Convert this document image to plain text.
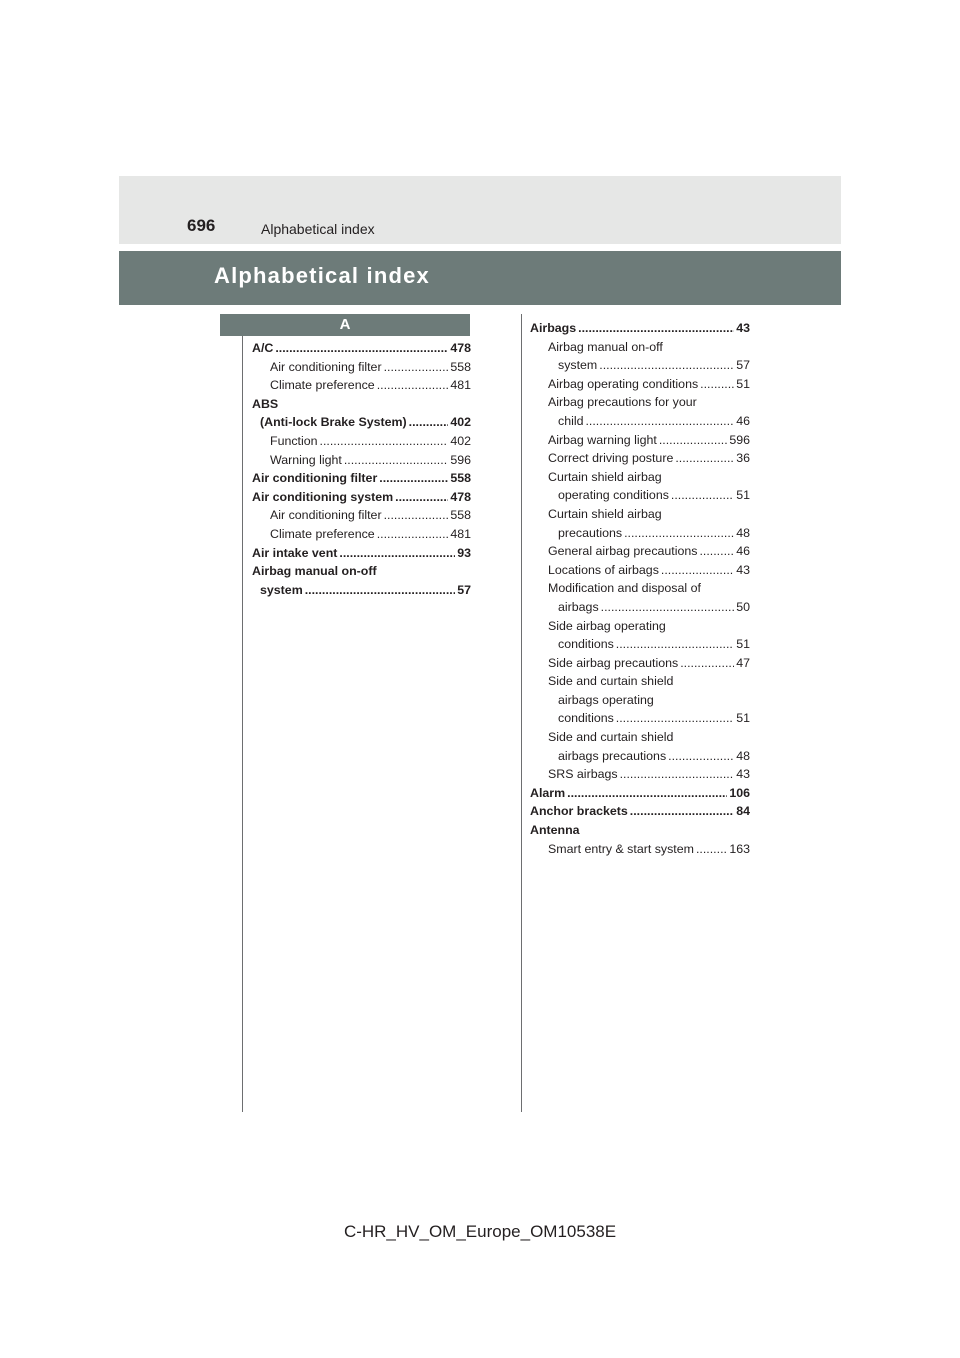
696	Alphabetical index
Alphabetical index
A
A/C .....	478
Air conditioning filter .....	558
Climate preference .....	481
ABS
(Anti-lock Brake System) .....	402
Function .....	402
Warning light .....	596
Air conditioning filter .....	558
Air conditioning system .....	478
Air conditioning filter .....	558
Climate preference .....	481
Air intake vent .....	93
Airbag manual on-off
system .....	57
Airbags .....	43
Airbag manual on-off
system .....	57
Airbag operating conditions .....	51
Airbag precautions for your
child .....	46
Airbag warning light .....	596
Correct driving posture .....	36
Curtain shield airbag
operating conditions .....	51
Curtain shield airbag
precautions .....	48
General airbag precautions .....	46
Locations of airbags .....	43
Modification and disposal of
airbags .....	50
Side airbag operating
conditions .....	51
Side airbag precautions .....	47
Side and curtain shield
airbags operating
conditions .....	51
Side and curtain shield
airbags precautions .....	48
SRS airbags .....	43
Alarm .....	106
Anchor brackets .....	84
Antenna
Smart entry & start system .....	163
C-HR_HV_OM_Europe_OM10538E
